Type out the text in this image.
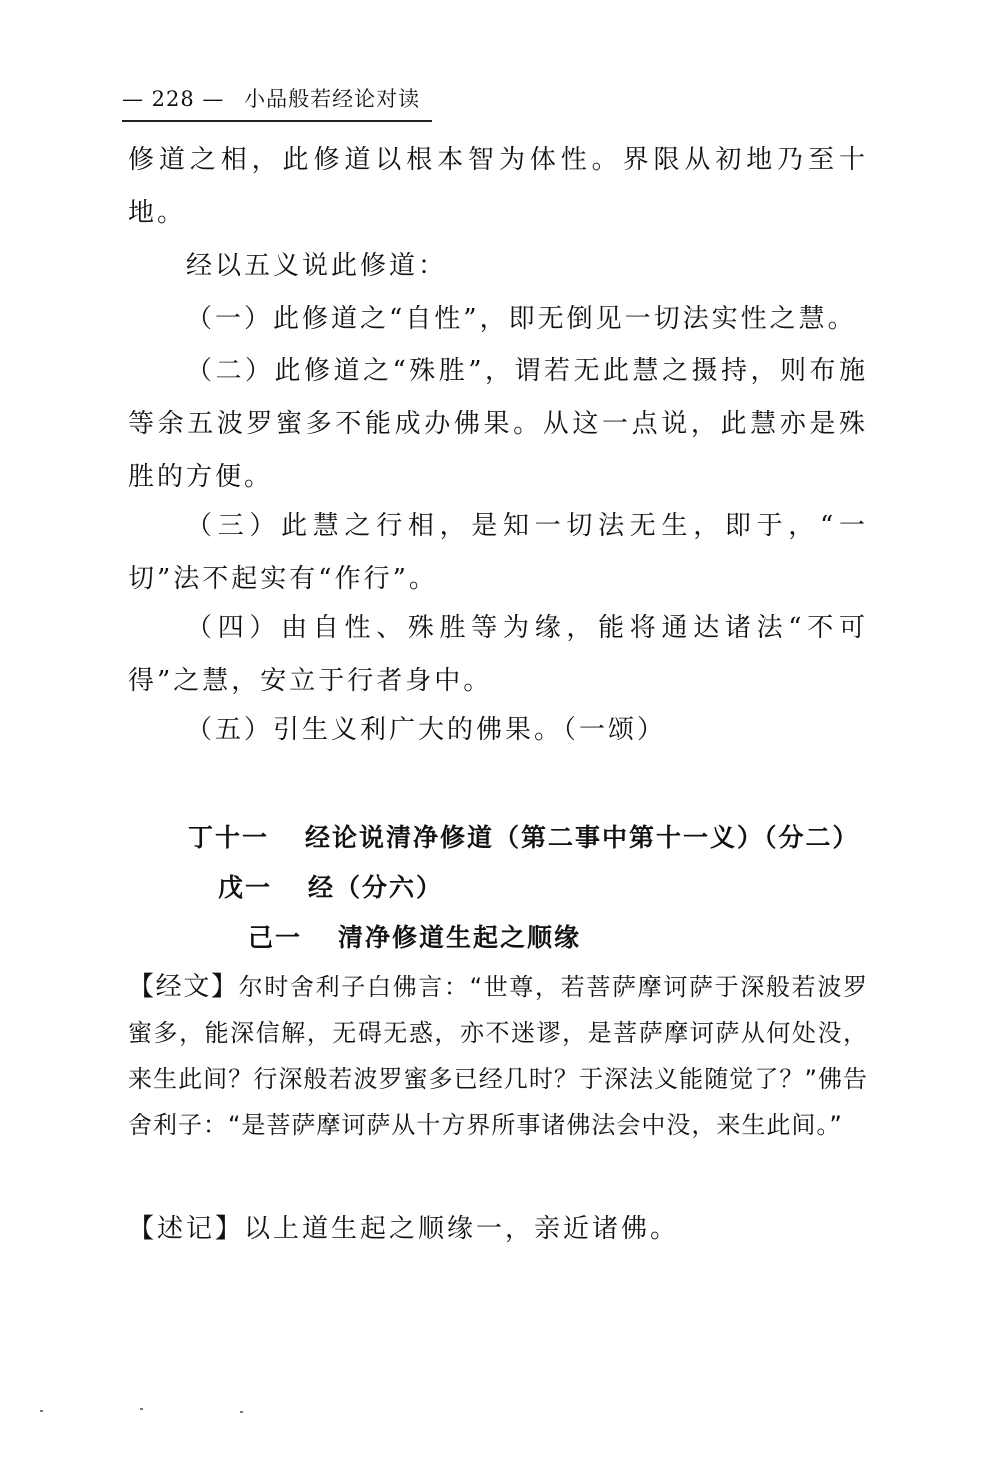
— 228 — 小品般若经论对读

修道之相，此修道以根本智为体性。界限从初地乃至十地。

经以五义说此修道：

（一）此修道之“自性”，即无倒见一切法实性之慧。

（二）此修道之“殊胜”，谓若无此慧之摄持，则布施等余五波罗蜜多不能成办佛果。从这一点说，此慧亦是殊胜的方便。

（三）此慧之行相，是知一切法无生，即于，“一切”法不起实有“作行”。

（四）由自性、殊胜等为缘，能将通达诸法“不可得”之慧，安立于行者身中。

（五）引生义利广大的佛果。（一颂）

丁十一 经论说清净修道（第二事中第十一义）（分二）
戊一 经（分六）
己一 清净修道生起之顺缘

【经文】尔时舍利子白佛言：“世尊，若菩萨摩诃萨于深般若波罗蜜多，能深信解，无碍无惑，亦不迷谬，是菩萨摩诃萨从何处没，来生此间？行深般若波罗蜜多已经几时？于深法义能随觉了？”佛告舍利子：“是菩萨摩诃萨从十方界所事诸佛法会中没，来生此间。”

【述记】以上道生起之顺缘一，亲近诸佛。
